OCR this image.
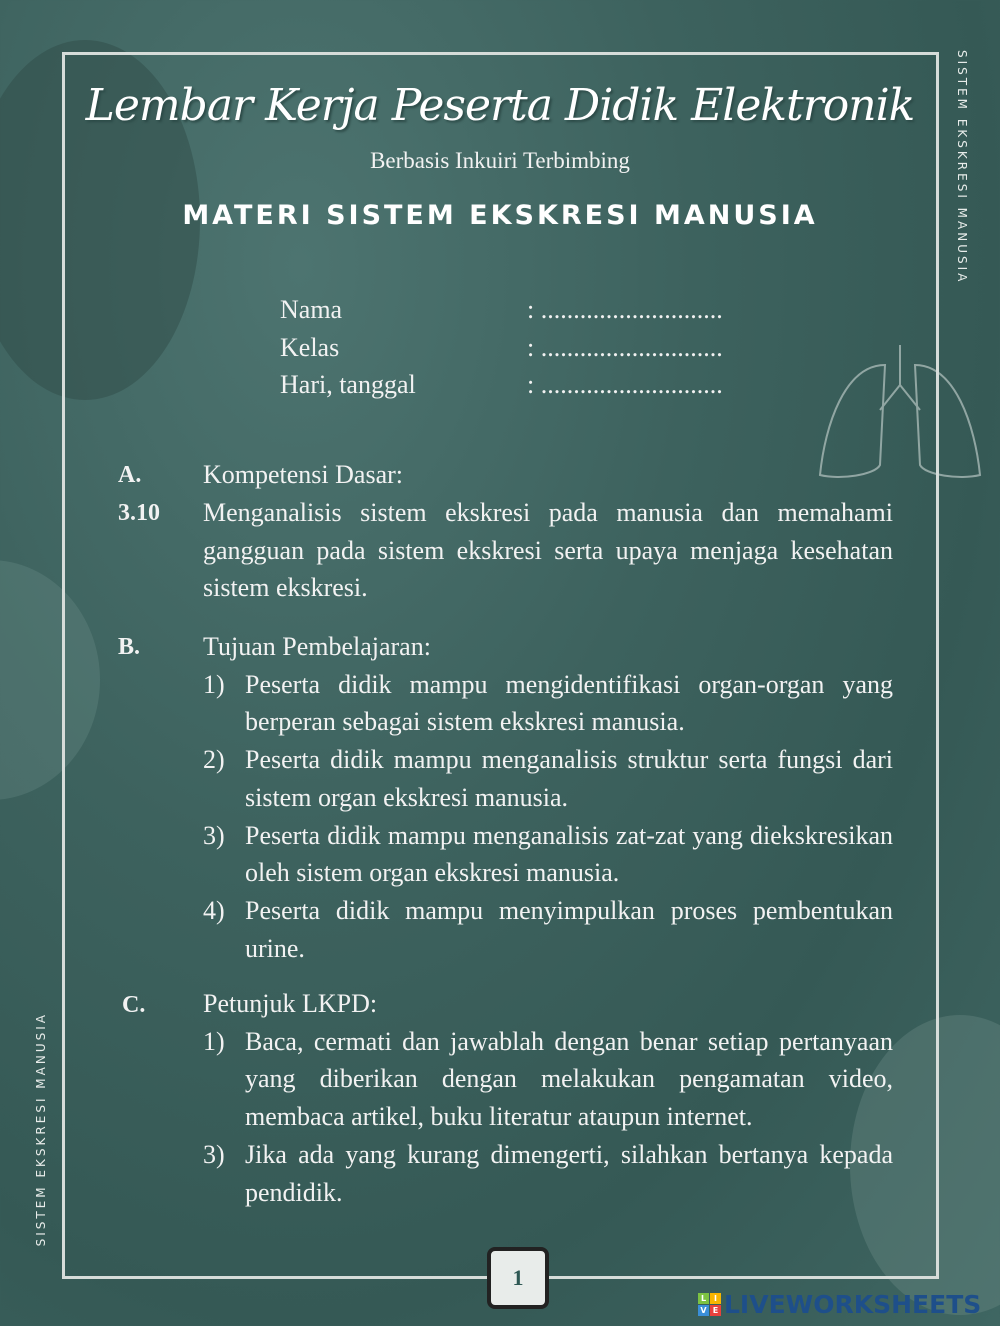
SISTEM EKSKRESI MANUSIA
SISTEM EKSKRESI MANUSIA
Lembar Kerja Peserta Didik Elektronik
Berbasis Inkuiri Terbimbing
MATERI SISTEM EKSKRESI MANUSIA
Nama	: ............................
Kelas	: ............................
Hari, tanggal	: ............................
A.	Kompetensi Dasar:
3.10	Menganalisis sistem ekskresi pada manusia dan memahami gangguan pada sistem ekskresi serta upaya menjaga kesehatan sistem ekskresi.
B.	Tujuan Pembelajaran:
1) Peserta didik mampu mengidentifikasi organ-organ yang berperan sebagai sistem ekskresi manusia.
2) Peserta didik mampu menganalisis struktur serta fungsi dari sistem organ ekskresi manusia.
3) Peserta didik mampu menganalisis zat-zat yang diekskresikan oleh sistem organ ekskresi manusia.
4) Peserta didik mampu menyimpulkan proses pembentukan urine.
C.	Petunjuk LKPD:
1) Baca, cermati dan jawablah dengan benar setiap pertanyaan yang diberikan dengan melakukan pengamatan video, membaca artikel, buku literatur ataupun internet.
3) Jika ada yang kurang dimengerti, silahkan bertanya kepada pendidik.
1
L I
V E LIVEWORKSHEETS
